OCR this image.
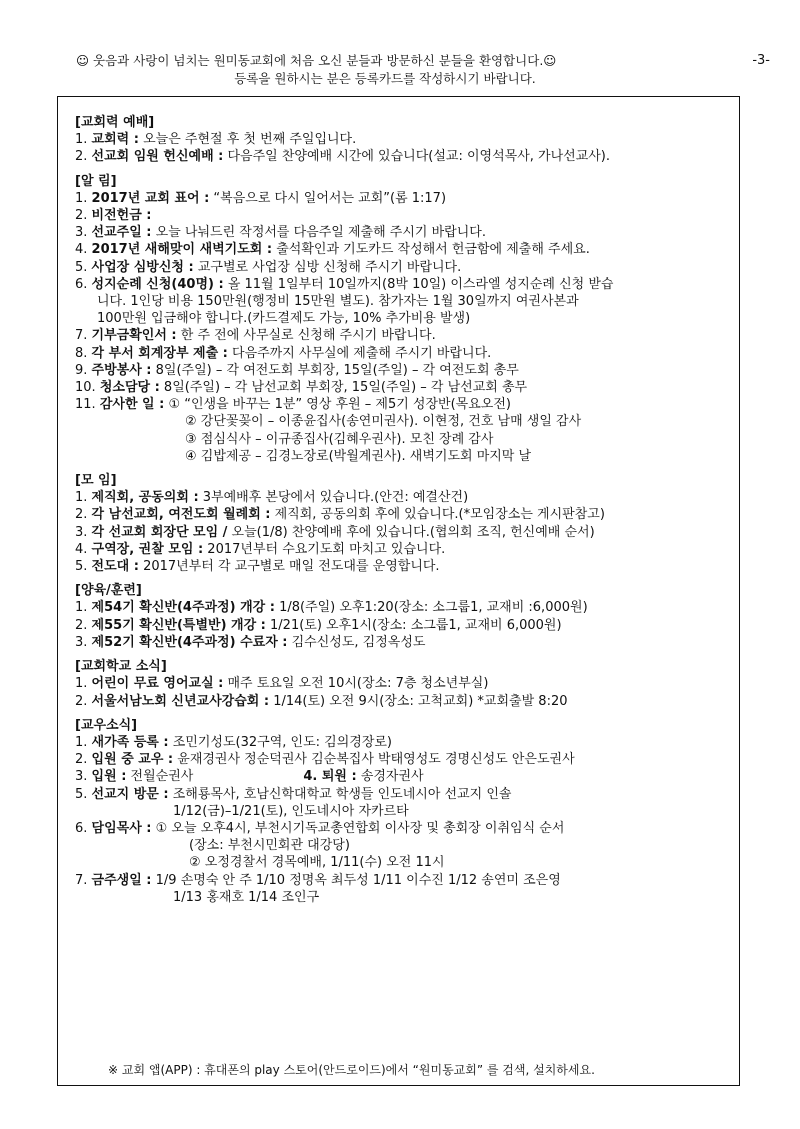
☺ 웃음과 사랑이 넘치는 원미동교회에 처음 오신 분들과 방문하신 분들을 환영합니다.☺	-3-
등록을 원하시는 분은 등록카드를 작성하시기 바랍니다.
[교회력 예배]
1. 교회력 : 오늘은 주현절 후 첫 번째 주일입니다.
2. 선교회 임원 헌신예배 : 다음주일 찬양예배 시간에 있습니다(설교: 이영석목사, 가나선교사).
[알 림]
1. 2017년 교회 표어 : “복음으로 다시 일어서는 교회”(롬 1:17)
2. 비전헌금 :
3. 선교주일 : 오늘 나눠드린 작정서를 다음주일 제출해 주시기 바랍니다.
4. 2017년 새해맞이 새벽기도회 : 출석확인과 기도카드 작성해서 헌금함에 제출해 주세요.
5. 사업장 심방신청 : 교구별로 사업장 심방 신청해 주시기 바랍니다.
6. 성지순례 신청(40명) : 올 11월 1일부터 10일까지(8박 10일) 이스라엘 성지순례 신청 받습
니다. 1인당 비용 150만원(행정비 15만원 별도). 참가자는 1월 30일까지 여권사본과
100만원 입금해야 합니다.(카드결제도 가능, 10% 추가비용 발생)
7. 기부금확인서 : 한 주 전에 사무실로 신청해 주시기 바랍니다.
8. 각 부서 회계장부 제출 : 다음주까지 사무실에 제출해 주시기 바랍니다.
9. 주방봉사 : 8일(주일) – 각 여전도회 부회장, 15일(주일) – 각 여전도회 총무
10. 청소담당 : 8일(주일) – 각 남선교회 부회장, 15일(주일) – 각 남선교회 총무
11. 감사한 일 : ① “인생을 바꾸는 1분” 영상 후원 – 제5기 성장반(목요오전)
② 강단꽃꽂이 – 이종윤집사(송연미권사). 이현정, 건호 남매 생일 감사
③ 점심식사 – 이규종집사(김혜우권사). 모친 장례 감사
④ 김밥제공 – 김경노장로(박월계권사). 새벽기도회 마지막 날
[모 임]
1. 제직회, 공동의회 : 3부예배후 본당에서 있습니다.(안건: 예결산건)
2. 각 남선교회, 여전도회 월례회 : 제직회, 공동의회 후에 있습니다.(*모임장소는 게시판참고)
3. 각 선교회 회장단 모임 / 오늘(1/8) 찬양예배 후에 있습니다.(협의회 조직, 헌신예배 순서)
4. 구역장, 권찰 모임 : 2017년부터 수요기도회 마치고 있습니다.
5. 전도대 : 2017년부터 각 교구별로 매일 전도대를 운영합니다.
[양육/훈련]
1. 제54기 확신반(4주과정) 개강 : 1/8(주일) 오후1:20(장소: 소그룹1, 교재비 :6,000원)
2. 제55기 확신반(특별반) 개강 : 1/21(토) 오후1시(장소: 소그룹1, 교재비 6,000원)
3. 제52기 확신반(4주과정) 수료자 : 김수신성도, 김정옥성도
[교회학교 소식]
1. 어린이 무료 영어교실 : 매주 토요일 오전 10시(장소: 7층 청소년부실)
2. 서울서남노회 신년교사강습회 : 1/14(토) 오전 9시(장소: 고척교회) *교회출발 8:20
[교우소식]
1. 새가족 등록 : 조민기성도(32구역, 인도: 김의경장로)
2. 입원 중 교우 : 윤재경권사 정순덕권사 김순복집사 박태영성도 경명신성도 안은도권사
3. 입원 : 전월순권사	4. 퇴원 : 송경자권사
5. 선교지 방문 : 조해룡목사, 호남신학대학교 학생들 인도네시아 선교지 인솔
1/12(금)–1/21(토), 인도네시아 자카르타
6. 담임목사 : ① 오늘 오후4시, 부천시기독교총연합회 이사장 및 총회장 이취임식 순서
(장소: 부천시민회관 대강당)
② 오정경찰서 경목예배, 1/11(수) 오전 11시
7. 금주생일 : 1/9 손명숙 안 주 1/10 정명옥 최두성 1/11 이수진 1/12 송연미 조은영
1/13 홍재호 1/14 조인구
※ 교회 앱(APP) : 휴대폰의 play 스토어(안드로이드)에서 “원미동교회” 를 검색, 설치하세요.
